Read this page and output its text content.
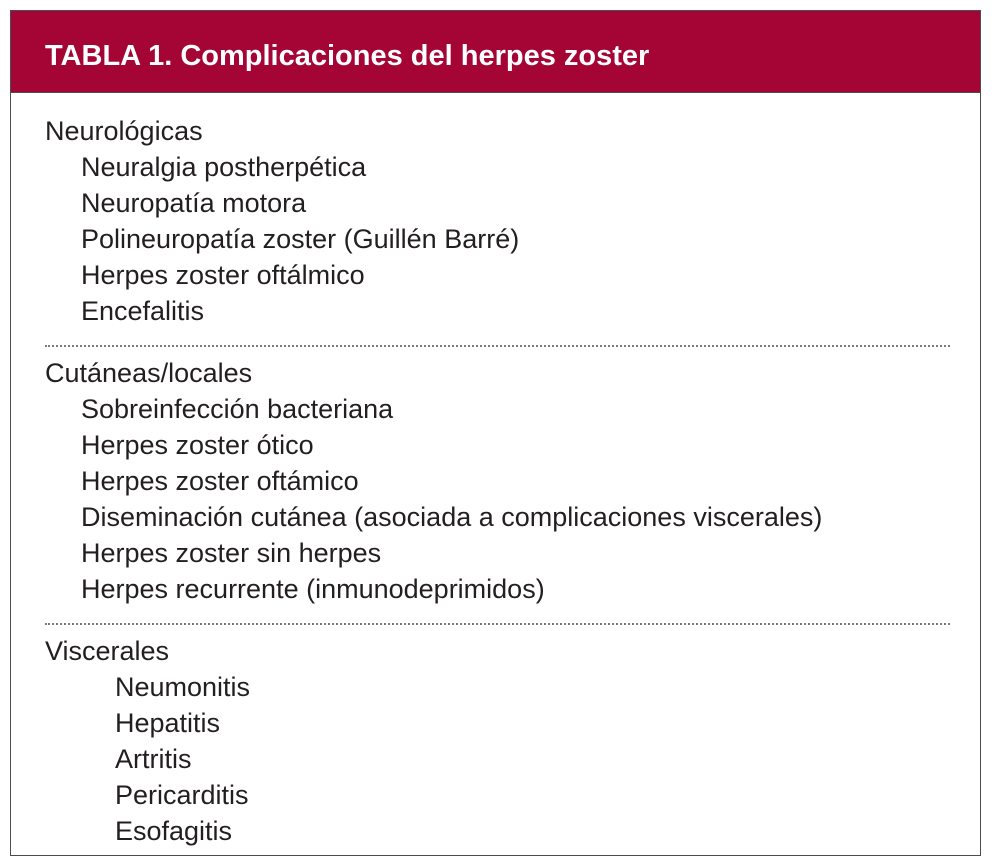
TABLA 1. Complicaciones del herpes zoster
Neurológicas
Neuralgia postherpética
Neuropatía motora
Polineuropatía zoster (Guillén Barré)
Herpes zoster oftálmico
Encefalitis
Cutáneas/locales
Sobreinfección bacteriana
Herpes zoster ótico
Herpes zoster oftámico
Diseminación cutánea (asociada a complicaciones viscerales)
Herpes zoster sin herpes
Herpes recurrente (inmunodeprimidos)
Viscerales
Neumonitis
Hepatitis
Artritis
Pericarditis
Esofagitis
